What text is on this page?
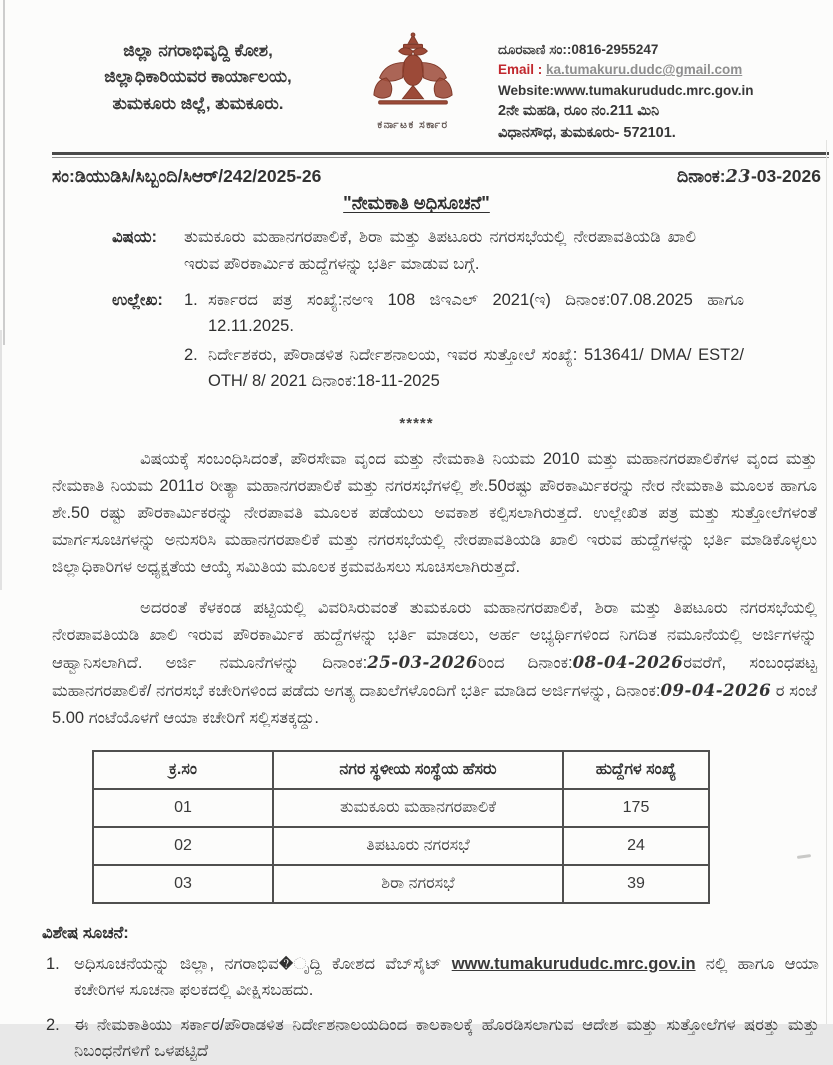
ಜಿಲ್ಲಾ ನಗರಾಭಿವೃದ್ದಿ ಕೋಶ,
ಜಿಲ್ಲಾಧಿಕಾರಿಯವರ ಕಾರ್ಯಾಲಯ,
ತುಮಕೂರು ಜಿಲ್ಲೆ, ತುಮಕೂರು.
ಕರ್ನಾಟಕ ಸರ್ಕಾರ
ದೂರವಾಣಿ ಸಂ::0816-2955247
Email : ka.tumakuru.dudc@gmail.com
Website:www.tumakurududc.mrc.gov.in
2ನೇ ಮಹಡಿ, ರೂಂ ನಂ.211 ಮಿನಿ
ವಿಧಾನಸೌಧ, ತುಮಕೂರು- 572101.
ಸಂ:ಡಿಯುಡಿಸಿ/ಸಿಬ್ಬಂದಿ/ಸಿಆರ್/242/2025-26	ದಿನಾಂಕ:23-03-2026
"ನೇಮಕಾತಿ ಅಧಿಸೂಚನೆ"
ವಿಷಯ:	ತುಮಕೂರು ಮಹಾನಗರಪಾಲಿಕೆ, ಶಿರಾ ಮತ್ತು ತಿಪಟೂರು ನಗರಸಭೆಯಲ್ಲಿ ನೇರಪಾವತಿಯಡಿ ಖಾಲಿ ಇರುವ ಪೌರಕಾರ್ಮಿಕ ಹುದ್ದೆಗಳನ್ನು ಭರ್ತಿ ಮಾಡುವ ಬಗ್ಗೆ.
ಉಲ್ಲೇಖ:	1. ಸರ್ಕಾರದ ಪತ್ರ ಸಂಖ್ಯೆ:ನಅಇ 108 ಜಿಇಎಲ್ 2021(ಇ) ದಿನಾಂಕ:07.08.2025 ಹಾಗೂ 12.11.2025.
2. ನಿರ್ದೇಶಕರು, ಪೌರಾಡಳಿತ ನಿರ್ದೇಶನಾಲಯ, ಇವರ ಸುತ್ತೋಲೆ ಸಂಖ್ಯೆ: 513641/ DMA/ EST2/ OTH/ 8/ 2021 ದಿನಾಂಕ:18-11-2025
*****
ವಿಷಯಕ್ಕೆ ಸಂಬಂಧಿಸಿದಂತೆ, ಪೌರಸೇವಾ ವೃಂದ ಮತ್ತು ನೇಮಕಾತಿ ನಿಯಮ 2010 ಮತ್ತು ಮಹಾನಗರಪಾಲಿಕೆಗಳ ವೃಂದ ಮತ್ತು ನೇಮಕಾತಿ ನಿಯಮ 2011ರ ರೀತ್ಯಾ ಮಹಾನಗರಪಾಲಿಕೆ ಮತ್ತು ನಗರಸಭೆಗಳಲ್ಲಿ ಶೇ.50ರಷ್ಟು ಪೌರಕಾರ್ಮಿಕರನ್ನು ನೇರ ನೇಮಕಾತಿ ಮೂಲಕ ಹಾಗೂ ಶೇ.50 ರಷ್ಟು ಪೌರಕಾರ್ಮಿಕರನ್ನು ನೇರಪಾವತಿ ಮೂಲಕ ಪಡೆಯಲು ಅವಕಾಶ ಕಲ್ಪಿಸಲಾಗಿರುತ್ತದೆ. ಉಲ್ಲೇಖಿತ ಪತ್ರ ಮತ್ತು ಸುತ್ತೋಲೆಗಳಂತೆ ಮಾರ್ಗಸೂಚಿಗಳನ್ನು ಅನುಸರಿಸಿ ಮಹಾನಗರಪಾಲಿಕೆ ಮತ್ತು ನಗರಸಭೆಯಲ್ಲಿ ನೇರಪಾವತಿಯಡಿ ಖಾಲಿ ಇರುವ ಹುದ್ದೆಗಳನ್ನು ಭರ್ತಿ ಮಾಡಿಕೊಳ್ಳಲು ಜಿಲ್ಲಾಧಿಕಾರಿಗಳ ಅಧ್ಯಕ್ಷತೆಯ ಆಯ್ಕೆ ಸಮಿತಿಯ ಮೂಲಕ ಕ್ರಮವಹಿಸಲು ಸೂಚಿಸಲಾಗಿರುತ್ತದೆ.
ಅದರಂತೆ ಕೆಳಕಂಡ ಪಟ್ಟಿಯಲ್ಲಿ ವಿವರಿಸಿರುವಂತೆ ತುಮಕೂರು ಮಹಾನಗರಪಾಲಿಕೆ, ಶಿರಾ ಮತ್ತು ತಿಪಟೂರು ನಗರಸಭೆಯಲ್ಲಿ ನೇರಪಾವತಿಯಡಿ ಖಾಲಿ ಇರುವ ಪೌರಕಾರ್ಮಿಕ ಹುದ್ದೆಗಳನ್ನು ಭರ್ತಿ ಮಾಡಲು, ಅರ್ಹ ಅಭ್ಯರ್ಥಿಗಳಿಂದ ನಿಗದಿತ ನಮೂನೆಯಲ್ಲಿ ಅರ್ಜಿಗಳನ್ನು ಆಹ್ವಾನಿಸಲಾಗಿದೆ. ಅರ್ಜಿ ನಮೂನೆಗಳನ್ನು ದಿನಾಂಕ:25-03-2026ರಿಂದ ದಿನಾಂಕ:08-04-2026ರವರೆಗೆ, ಸಂಬಂಧಪಟ್ಟ ಮಹಾನಗರಪಾಲಿಕೆ/ ನಗರಸಭೆ ಕಚೇರಿಗಳಿಂದ ಪಡೆದು ಅಗತ್ಯ ದಾಖಲೆಗಳೊಂದಿಗೆ ಭರ್ತಿ ಮಾಡಿದ ಅರ್ಜಿಗಳನ್ನು, ದಿನಾಂಕ:09-04-2026 ರ ಸಂಜೆ 5.00 ಗಂಟೆಯೊಳಗೆ ಆಯಾ ಕಚೇರಿಗೆ ಸಲ್ಲಿಸತಕ್ಕದ್ದು.
ಕ್ರ.ಸಂ	ನಗರ ಸ್ಥಳೀಯ ಸಂಸ್ಥೆಯ ಹೆಸರು	ಹುದ್ದೆಗಳ ಸಂಖ್ಯೆ
01	ತುಮಕೂರು ಮಹಾನಗರಪಾಲಿಕೆ	175
02	ತಿಪಟೂರು ನಗರಸಭೆ	24
03	ಶಿರಾ ನಗರಸಭೆ	39
ವಿಶೇಷ ಸೂಚನೆ:
1. ಅಧಿಸೂಚನೆಯನ್ನು ಜಿಲ್ಲಾ, ನಗರಾಭಿವ�ೃದ್ದಿ ಕೋಶದ ವೆಬ್‌ಸೈಟ್ www.tumakurududc.mrc.gov.in ನಲ್ಲಿ ಹಾಗೂ ಆಯಾ ಕಚೇರಿಗಳ ಸೂಚನಾ ಫಲಕದಲ್ಲಿ ವೀಕ್ಷಿಸಬಹದು.
2. ಈ ನೇಮಕಾತಿಯು ಸರ್ಕಾರ/ಪೌರಾಡಳಿತ ನಿರ್ದೇಶನಾಲಯದಿಂದ ಕಾಲಕಾಲಕ್ಕೆ ಹೊರಡಿಸಲಾಗುವ ಆದೇಶ ಮತ್ತು ಸುತ್ತೋಲೆಗಳ ಷರತ್ತು ಮತ್ತು ನಿಬಂಧನೆಗಳಿಗೆ ಒಳಪಟ್ಟಿದೆ
